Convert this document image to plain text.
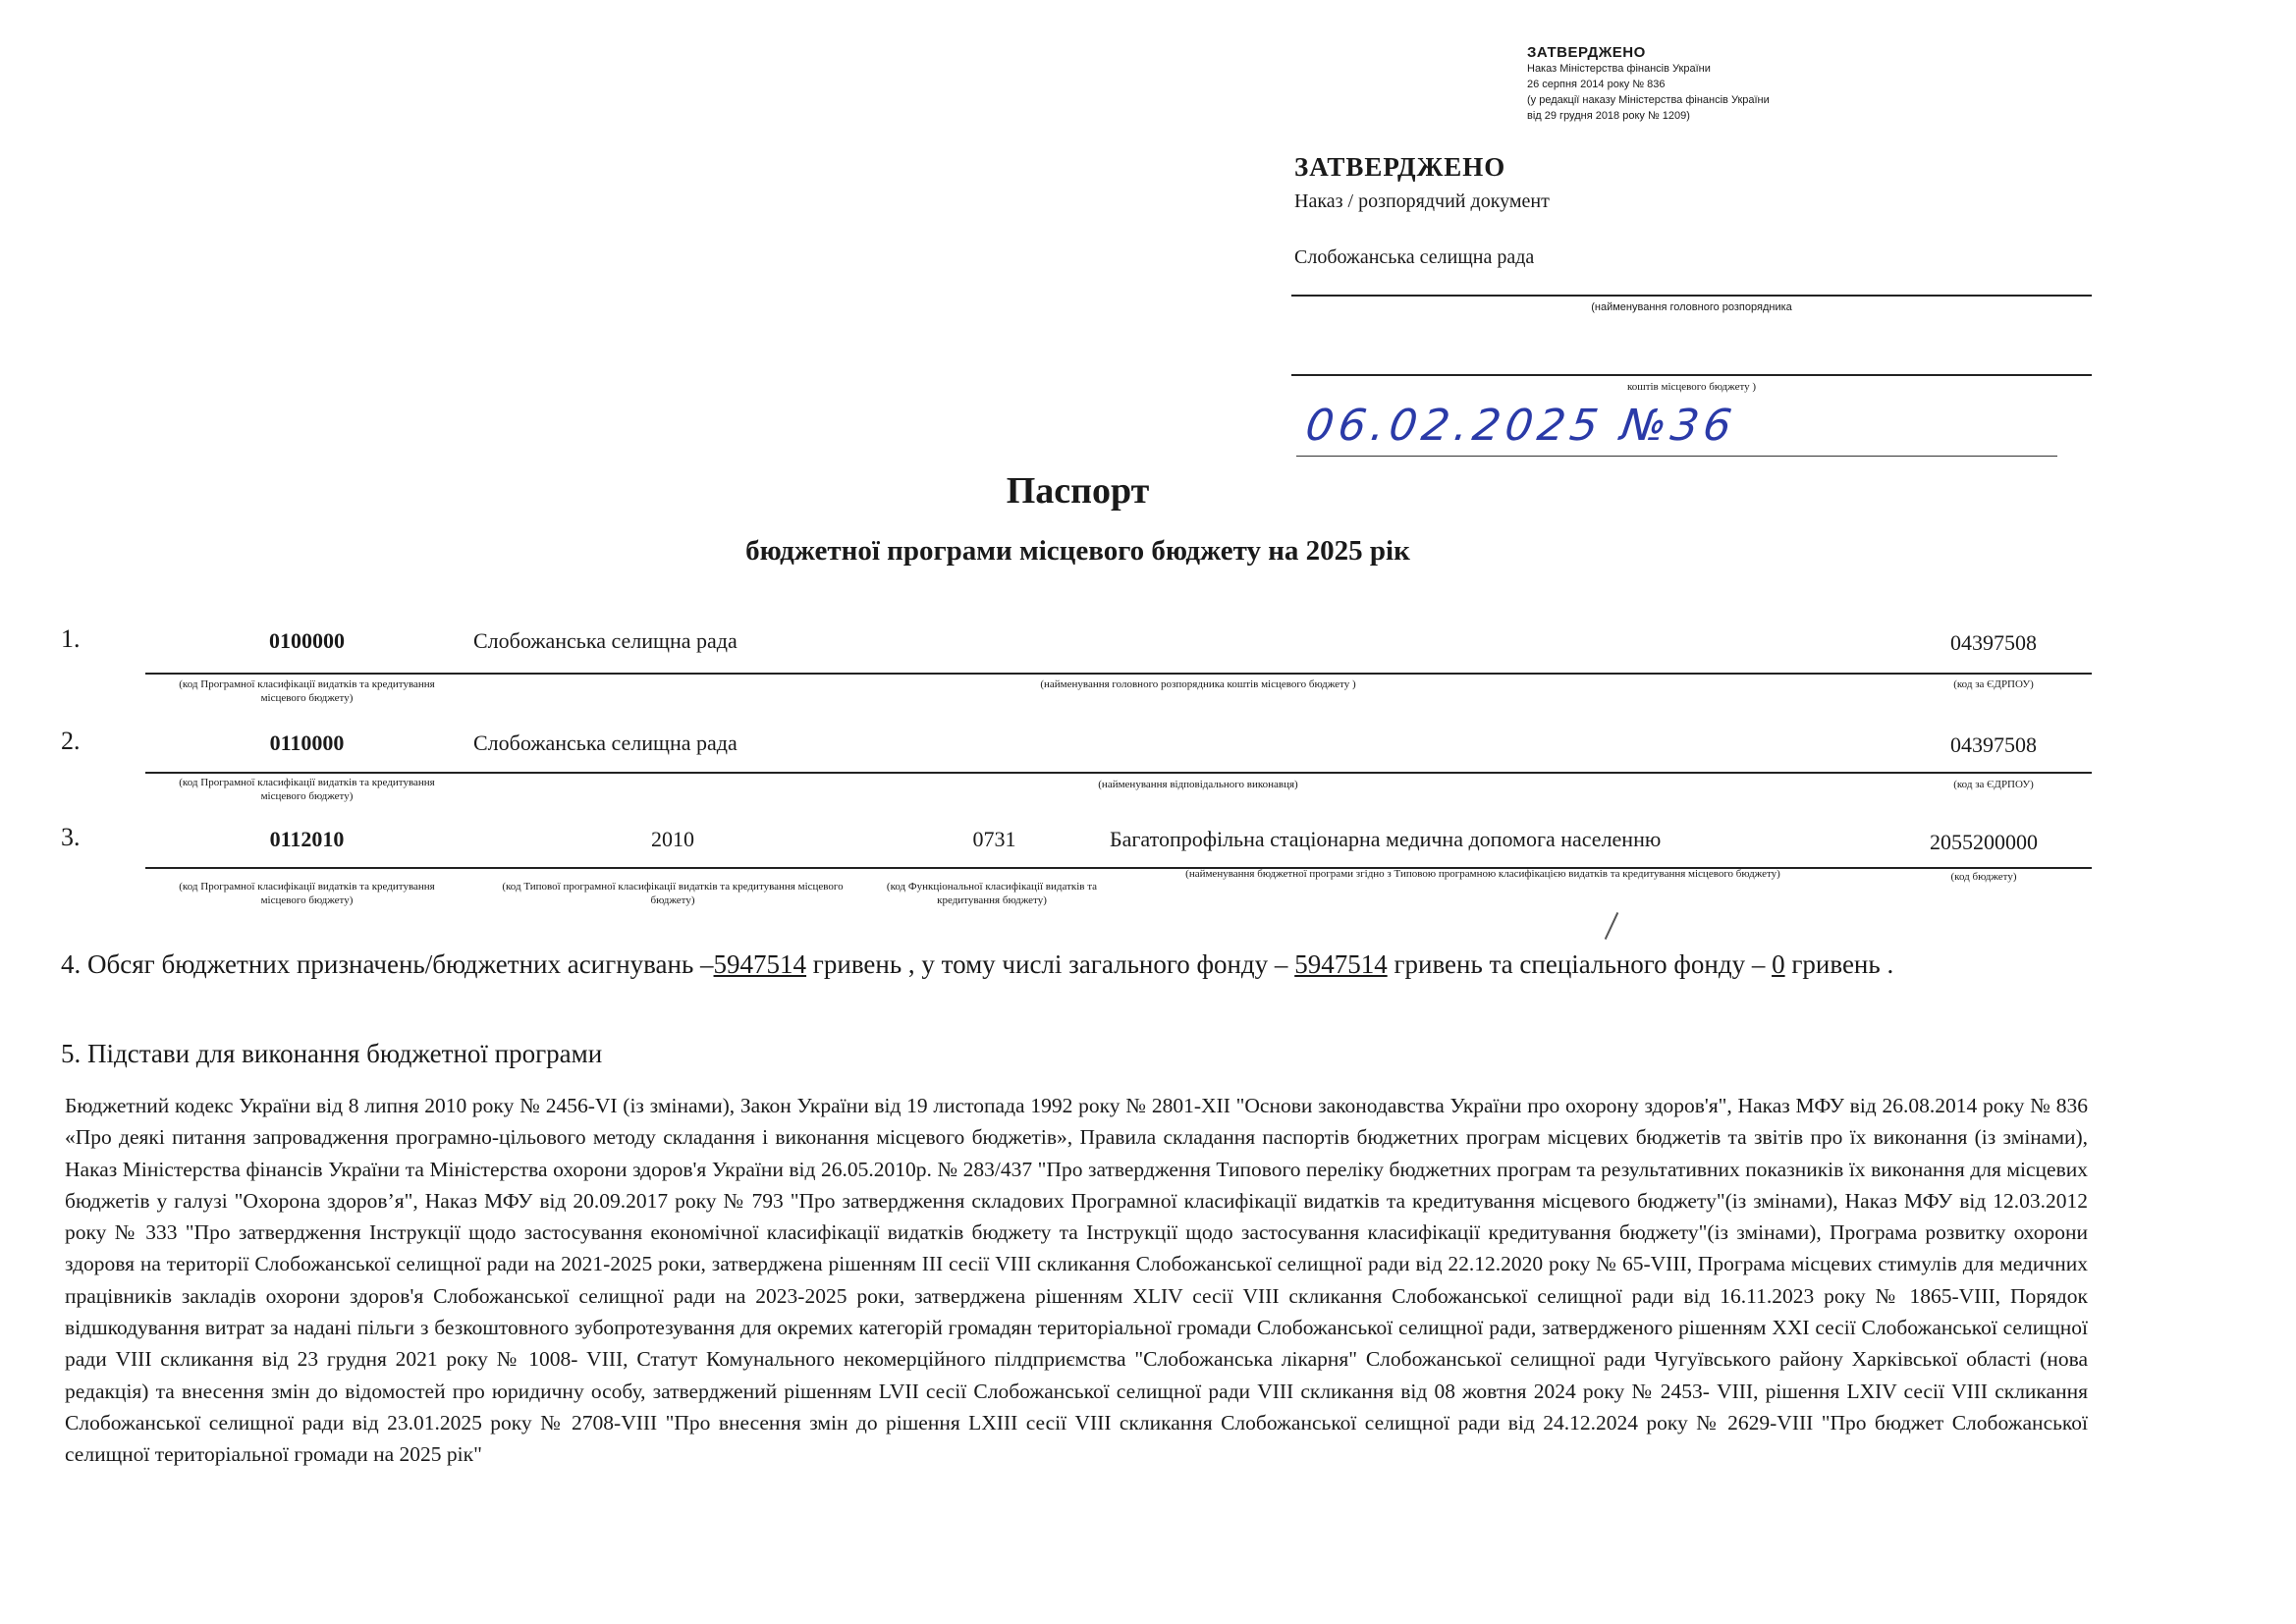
ЗАТВЕРДЖЕНО
Наказ Міністерства фінансів України
26 серпня 2014 року № 836
(у редакції наказу Міністерства фінансів України
від 29 грудня 2018 року № 1209)
ЗАТВЕРДЖЕНО
Наказ / розпорядчий документ
Слобожанська селищна рада
(найменування головного розпорядника
коштів місцевого бюджету )
06.02.2025 №36
Паспорт
бюджетної програми місцевого бюджету на 2025 рік
1.	0100000	Слобожанська селищна рада	04397508
(код Програмної класифікації видатків та кредитування місцевого бюджету)
(найменування головного розпорядника коштів місцевого бюджету )	(код за ЄДРПОУ)
2.	0110000	Слобожанська селищна рада	04397508
(код Програмної класифікації видатків та кредитування місцевого бюджету)
(найменування відповідального виконавця)	(код за ЄДРПОУ)
3.	0112010	2010	0731	Багатопрофільна стаціонарна медична допомога населенню	2055200000
(код Програмної класифікації видатків та кредитування місцевого бюджету)
(код Типової програмної класифікації видатків та кредитування місцевого бюджету)
(код Функціональної класифікації видатків та кредитування бюджету)
(найменування бюджетної програми згідно з Типовою програмною класифікацією видатків та кредитування місцевого бюджету)	(код бюджету)
4. Обсяг бюджетних призначень/бюджетних асигнувань –5947514 гривень , у тому числі загального фонду – 5947514 гривень та спеціального фонду – 0 гривень .
5. Підстави для виконання бюджетної програми
Бюджетний кодекс України від 8 липня 2010 року № 2456-VI (із змінами), Закон України від 19 листопада 1992 року № 2801-XII "Основи законодавства України про охорону здоров'я", Наказ МФУ від 26.08.2014 року № 836 «Про деякі питання запровадження програмно-цільового методу складання і виконання місцевого бюджетів», Правила складання паспортів бюджетних програм місцевих бюджетів та звітів про їх виконання (із змінами), Наказ Міністерства фінансів України та Міністерства охорони здоров'я України від 26.05.2010р. № 283/437 "Про затвердження Типового переліку бюджетних програм та результативних показників їх виконання для місцевих бюджетів у галузі "Охорона здоров’я", Наказ МФУ від 20.09.2017 року № 793 "Про затвердження складових Програмної класифікації видатків та кредитування місцевого бюджету"(із змінами), Наказ МФУ від 12.03.2012 року № 333 "Про затвердження Інструкції щодо застосування економічної класифікації видатків бюджету та Інструкції щодо застосування класифікації кредитування бюджету"(із змінами), Програма розвитку охорони здоровя на території Слобожанської селищної ради на 2021-2025 роки, затверджена рішенням ІІІ сесії VIII скликання Слобожанської селищної ради від 22.12.2020 року № 65-VIII, Програма місцевих стимулів для медичних працівників закладів охорони здоров'я Слобожанської селищної ради на 2023-2025 роки, затверджена рішенням XLIV сесії VIII скликання Слобожанської селищної ради від 16.11.2023 року № 1865-VIII, Порядок відшкодування витрат за надані пільги з безкоштовного зубопротезування для окремих категорій громадян територіальної громади Слобожанської селищної ради, затвердженого рішенням XXI сесії Слобожанської селищної ради VIII скликання від 23 грудня 2021 року № 1008- VIII, Статут Комунального некомерційного пілдприємства "Слобожанська лікарня" Слобожанської селищної ради Чугуївського району Харківської області (нова редакція) та внесення змін до відомостей про юридичну особу, затверджений рішенням LVII сесії Слобожанської селищної ради VIII скликання від 08 жовтня 2024 року № 2453- VIII, рішення LXIV сесії VIII скликання Слобожанської селищної ради від 23.01.2025 року № 2708-VIII "Про внесення змін до рішення LXIII сесії VIII скликання Слобожанської селищної ради від 24.12.2024 року № 2629-VIII "Про бюджет Слобожанської селищної територіальної громади на 2025 рік"
